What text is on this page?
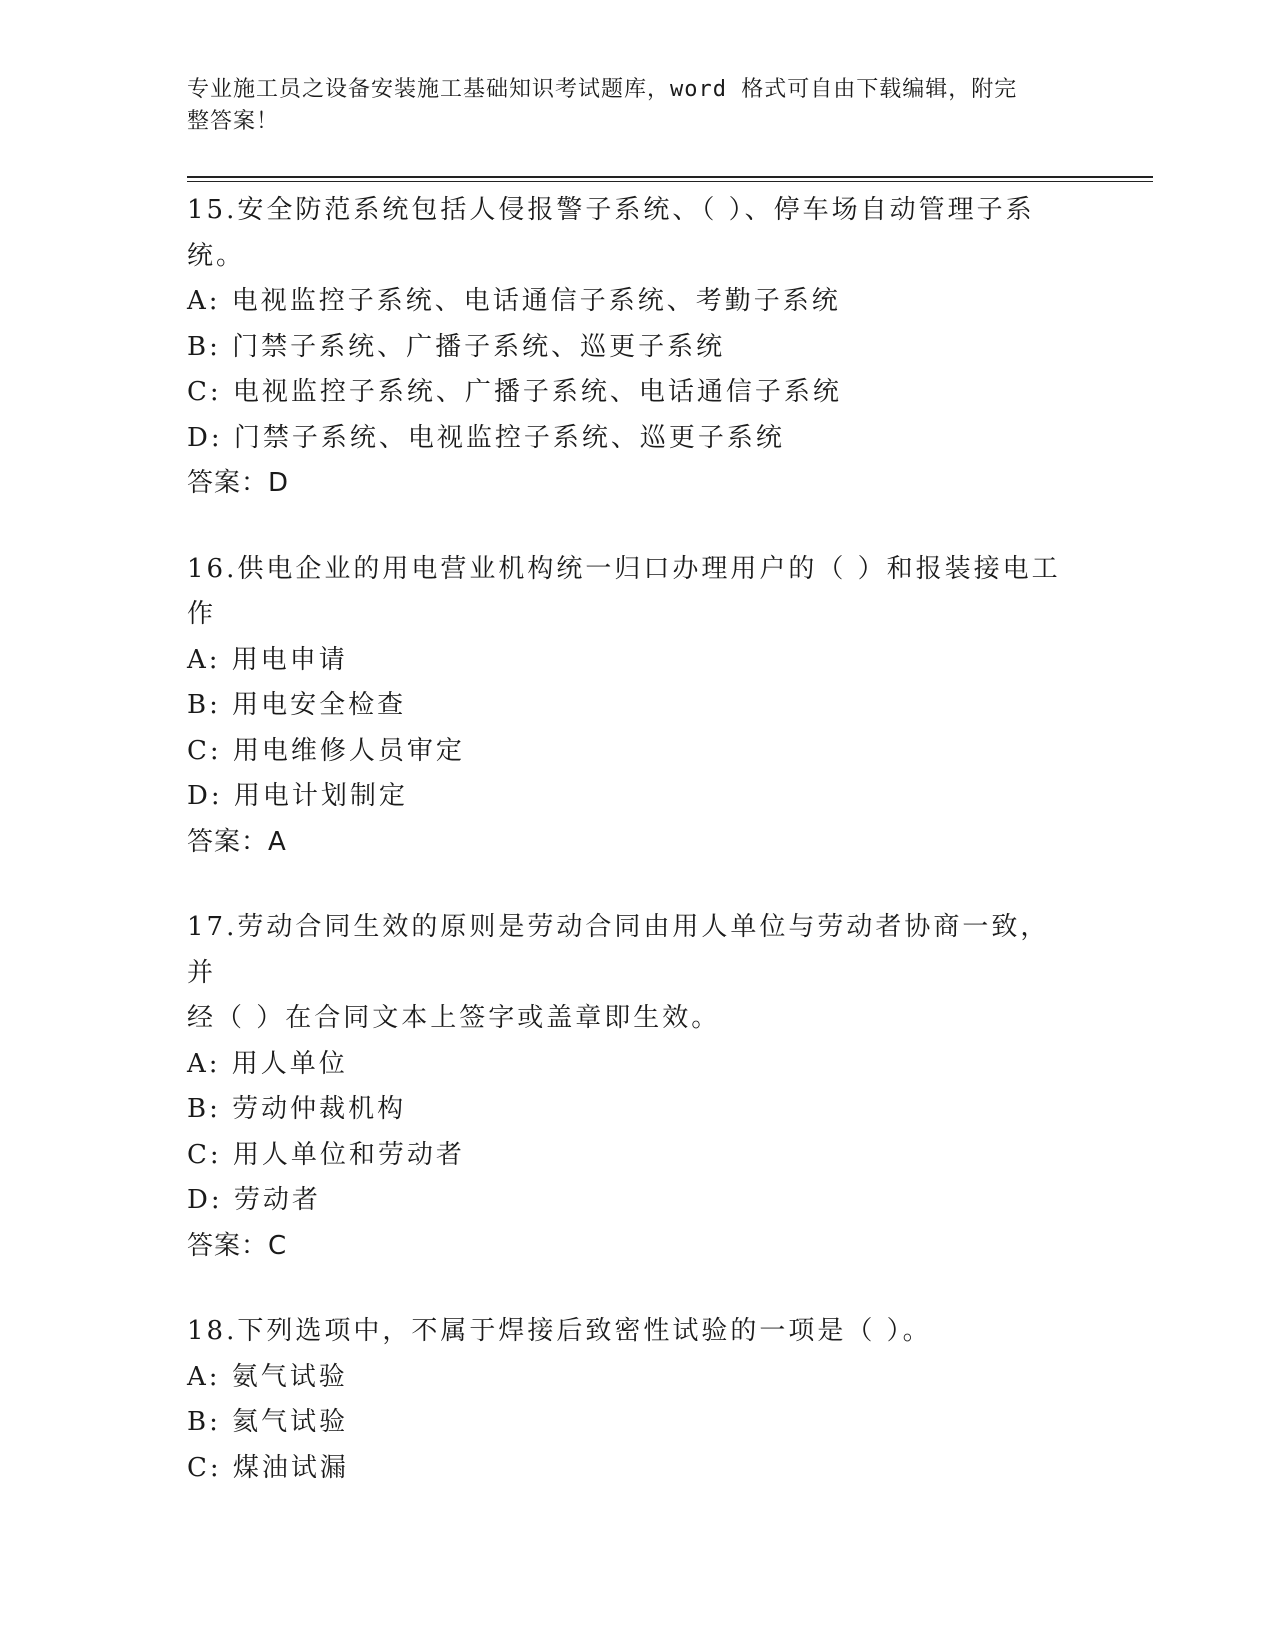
专业施工员之设备安装施工基础知识考试题库，word 格式可自由下载编辑，附完
整答案！
15.安全防范系统包括人侵报警子系统、（ ）、停车场自动管理子系
统。
A: 电视监控子系统、电话通信子系统、考勤子系统
B: 门禁子系统、广播子系统、巡更子系统
C: 电视监控子系统、广播子系统、电话通信子系统
D: 门禁子系统、电视监控子系统、巡更子系统
答案：D
16.供电企业的用电营业机构统一归口办理用户的（ ）和报装接电工
作
A: 用电申请
B: 用电安全检查
C: 用电维修人员审定
D: 用电计划制定
答案：A
17.劳动合同生效的原则是劳动合同由用人单位与劳动者协商一致，并
经（ ）在合同文本上签字或盖章即生效。
A: 用人单位
B: 劳动仲裁机构
C: 用人单位和劳动者
D: 劳动者
答案：C
18.下列选项中，不属于焊接后致密性试验的一项是（ ）。
A: 氨气试验
B: 氦气试验
C: 煤油试漏
